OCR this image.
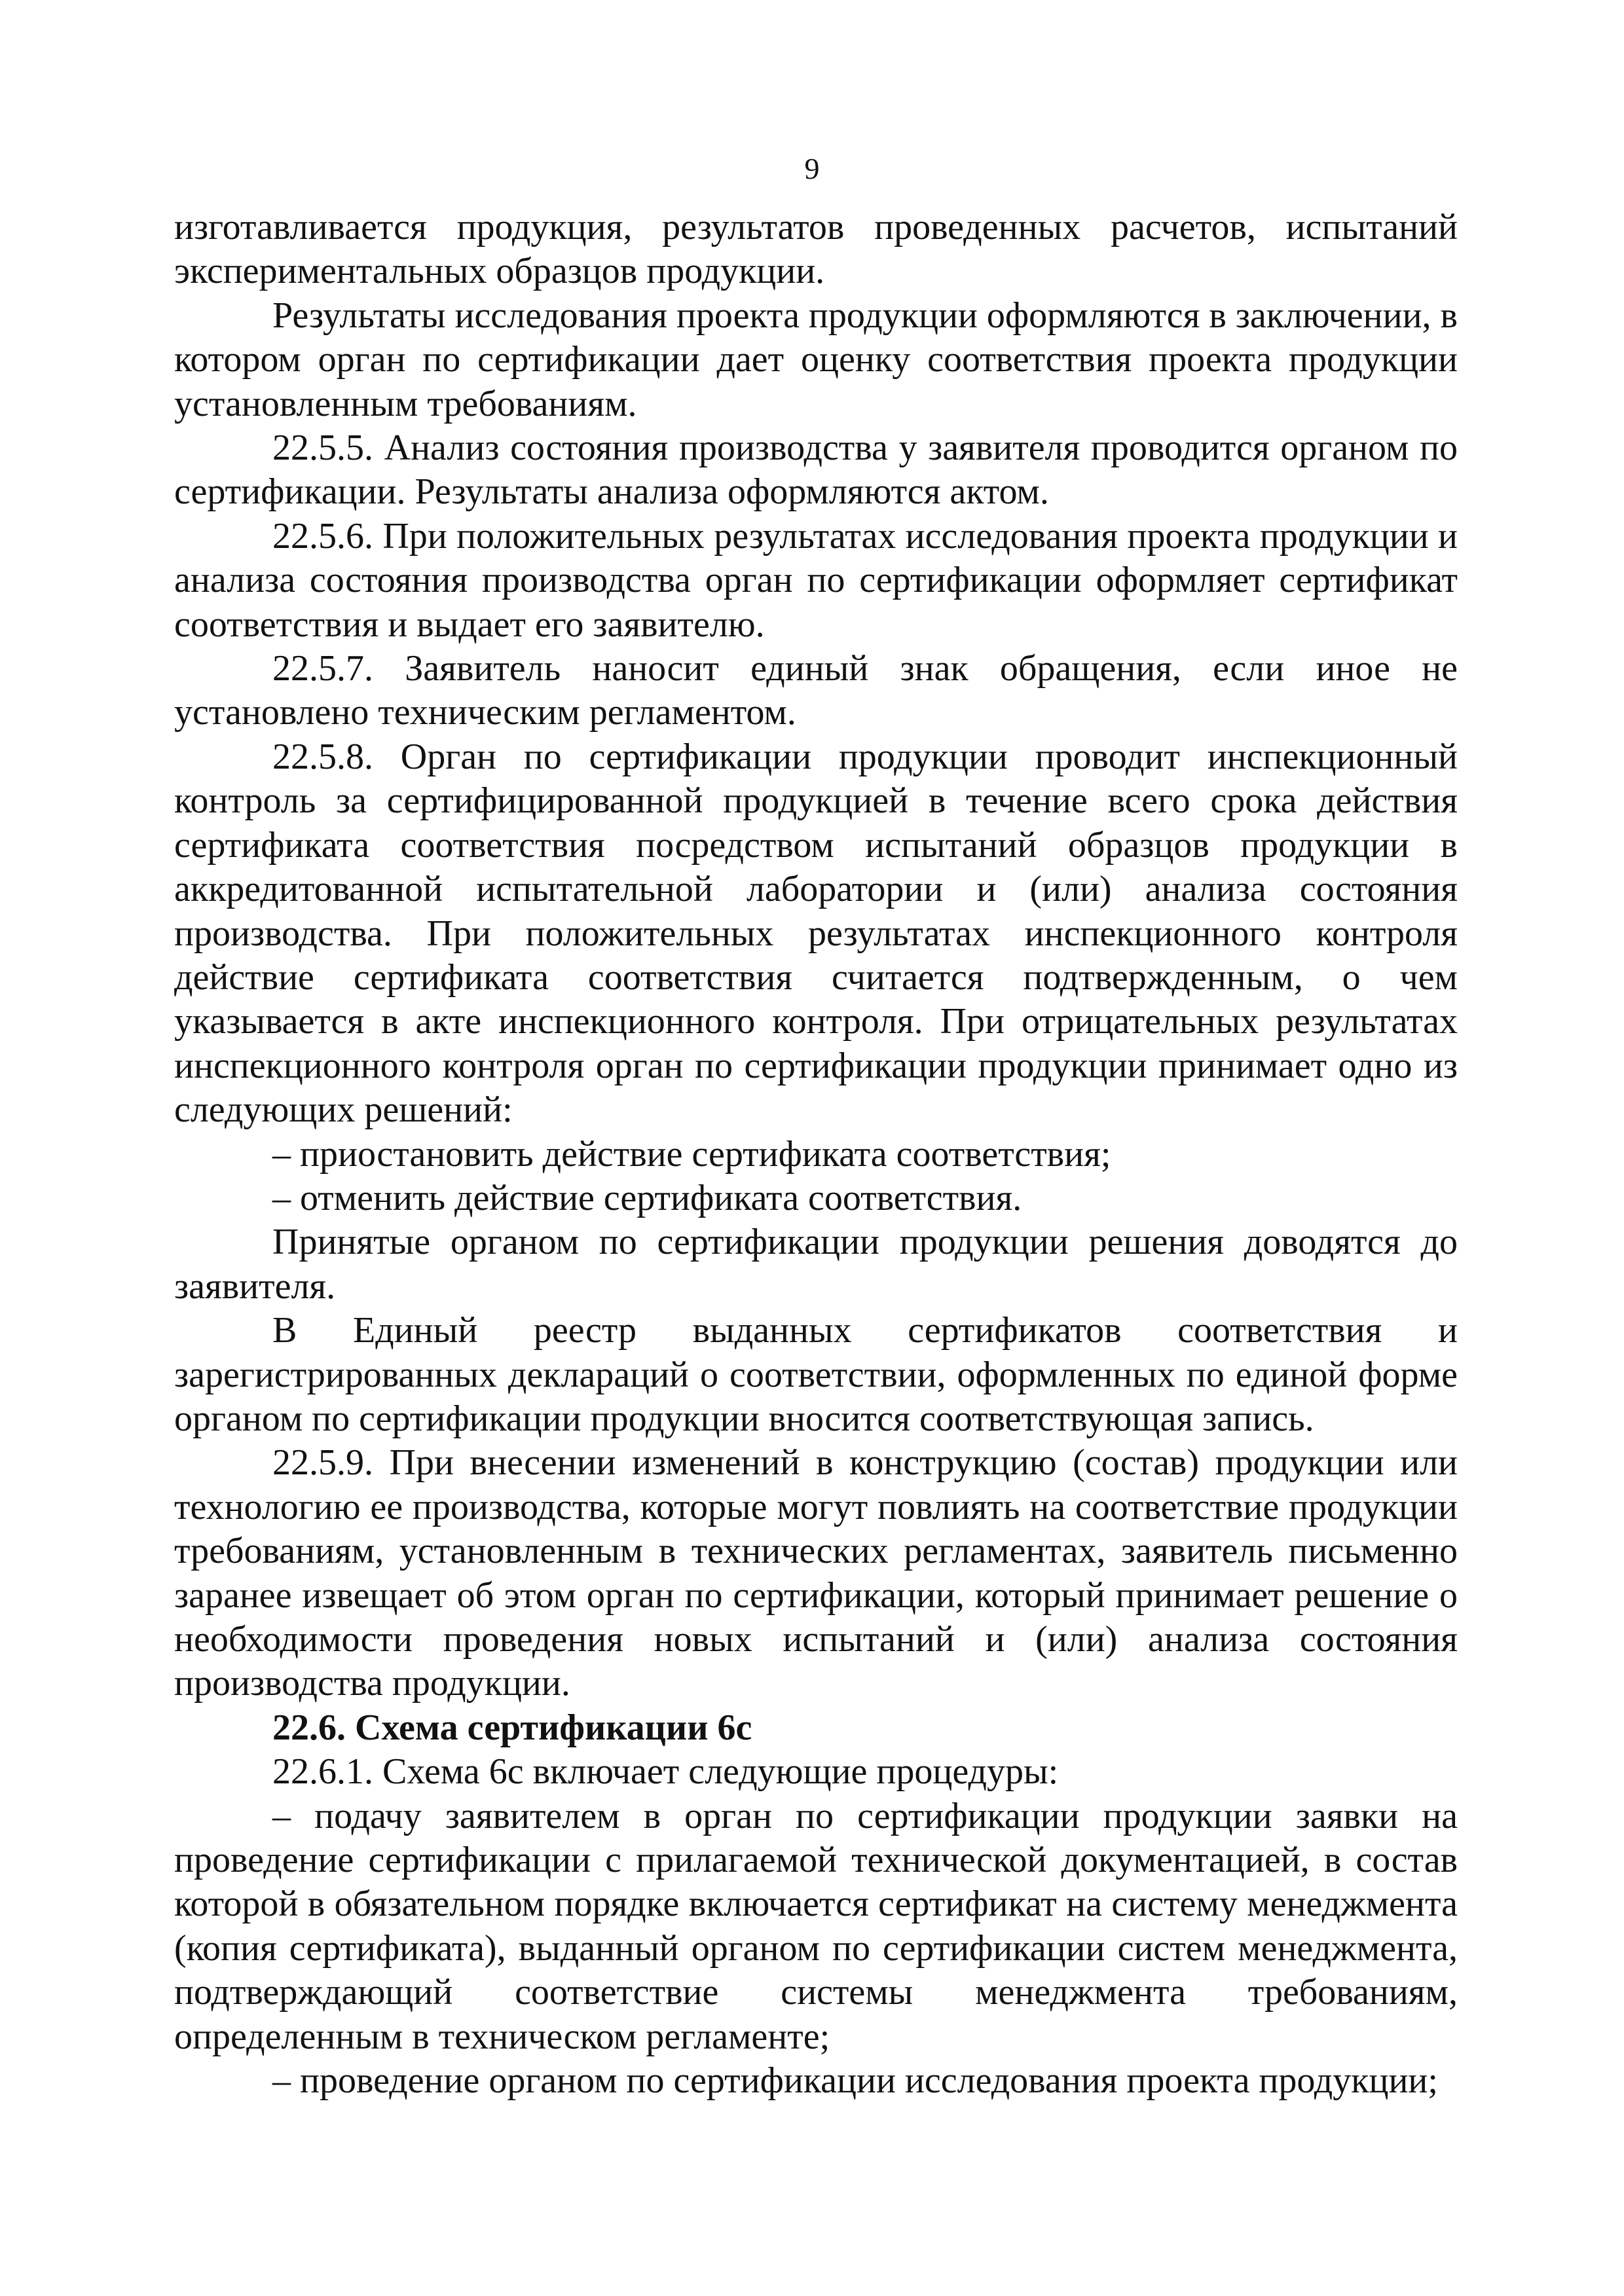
9

изготавливается продукция, результатов проведенных расчетов, испытаний экспериментальных образцов продукции.

Результаты исследования проекта продукции оформляются в заключении, в котором орган по сертификации дает оценку соответствия проекта продукции установленным требованиям.

22.5.5. Анализ состояния производства у заявителя проводится органом по сертификации. Результаты анализа оформляются актом.

22.5.6. При положительных результатах исследования проекта продукции и анализа состояния производства орган по сертификации оформляет сертификат соответствия и выдает его заявителю.

22.5.7. Заявитель наносит единый знак обращения, если иное не установлено техническим регламентом.

22.5.8. Орган по сертификации продукции проводит инспекционный контроль за сертифицированной продукцией в течение всего срока действия сертификата соответствия посредством испытаний образцов продукции в аккредитованной испытательной лаборатории и (или) анализа состояния производства. При положительных результатах инспекционного контроля действие сертификата соответствия считается подтвержденным, о чем указывается в акте инспекционного контроля. При отрицательных результатах инспекционного контроля орган по сертификации продукции принимает одно из следующих решений:

– приостановить действие сертификата соответствия;

– отменить действие сертификата соответствия.

Принятые органом по сертификации продукции решения доводятся до заявителя.

В Единый реестр выданных сертификатов соответствия и зарегистрированных деклараций о соответствии, оформленных по единой форме органом по сертификации продукции вносится соответствующая запись.

22.5.9. При внесении изменений в конструкцию (состав) продукции или технологию ее производства, которые могут повлиять на соответствие продукции требованиям, установленным в технических регламентах, заявитель письменно заранее извещает об этом орган по сертификации, который принимает решение о необходимости проведения новых испытаний и (или) анализа состояния производства продукции.

22.6. Схема сертификации 6с

22.6.1. Схема 6с включает следующие процедуры:

– подачу заявителем в орган по сертификации продукции заявки на проведение сертификации с прилагаемой технической документацией, в состав которой в обязательном порядке включается сертификат на систему менеджмента (копия сертификата), выданный органом по сертификации систем менеджмента, подтверждающий соответствие системы менеджмента требованиям, определенным в техническом регламенте;

– проведение органом по сертификации исследования проекта продукции;
